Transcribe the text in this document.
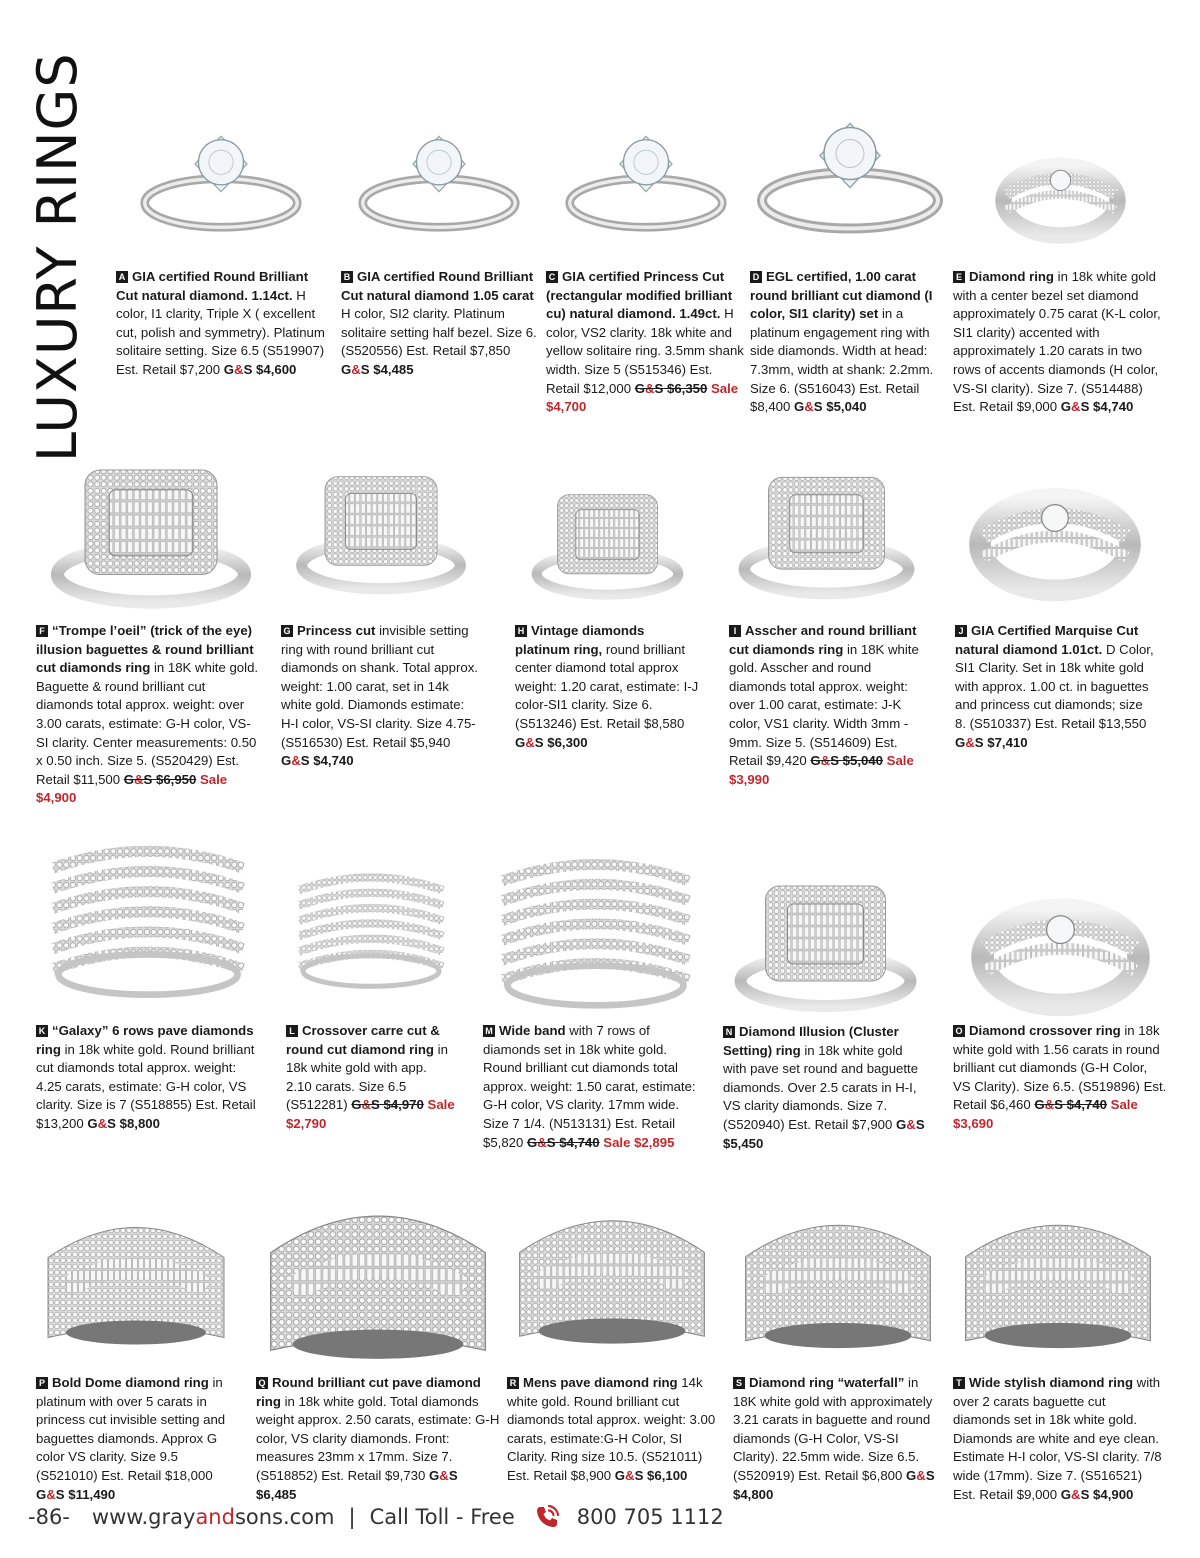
LUXURY RINGS	A GIA certified Round Brilliant Cut natural diamond. 1.14ct. H color, I1 clarity, Triple X ( excellent cut, polish and symmetry). Platinum solitaire setting. Size 6.5 (S519907) Est. Retail $7,200 G&S $4,600
B GIA certified Round Brilliant Cut natural diamond 1.05 carat H color, SI2 clarity. Platinum solitaire setting half bezel. Size 6. (S520556) Est. Retail $7,850 G&S $4,485
C GIA certified Princess Cut (rectangular modified brilliant cu) natural diamond. 1.49ct. H color, VS2 clarity. 18k white and yellow solitaire ring. 3.5mm shank width. Size 5 (S515346) Est. Retail $12,000 G&S $6,350 Sale $4,700
D EGL certified, 1.00 carat round brilliant cut diamond (I color, SI1 clarity) set in a platinum engagement ring with side diamonds. Width at head: 7.3mm, width at shank: 2.2mm. Size 6. (S516043) Est. Retail $8,400 G&S $5,040
E Diamond ring in 18k white gold with a center bezel set diamond approximately 0.75 carat (K-L color, SI1 clarity) accented with approximately 1.20 carats in two rows of accents diamonds (H color, VS-SI clarity). Size 7. (S514488) Est. Retail $9,000 G&S $4,740
F “Trompe l’oeil” (trick of the eye) illusion baguettes & round brilliant cut diamonds ring in 18K white gold. Baguette & round brilliant cut diamonds total approx. weight: over 3.00 carats, estimate: G-H color, VS- SI clarity. Center measurements: 0.50 x 0.50 inch. Size 5. (S520429) Est. Retail $11,500 G&S $6,950 Sale $4,900
G Princess cut invisible setting ring with round brilliant cut diamonds on shank. Total approx. weight: 1.00 carat, set in 14k white gold. Diamonds estimate: H-I color, VS-SI clarity. Size 4.75- (S516530) Est. Retail $5,940 G&S $4,740
H Vintage diamonds platinum ring, round brilliant center diamond total approx weight: 1.20 carat, estimate: I-J color-SI1 clarity. Size 6. (S513246) Est. Retail $8,580 G&S $6,300
I Asscher and round brilliant cut diamonds ring in 18K white gold. Asscher and round diamonds total approx. weight: over 1.00 carat, estimate: J-K color, VS1 clarity. Width 3mm - 9mm. Size 5. (S514609) Est. Retail $9,420 G&S $5,040 Sale $3,990
J GIA Certified Marquise Cut natural diamond 1.01ct. D Color, SI1 Clarity. Set in 18k white gold with approx. 1.00 ct. in baguettes and princess cut diamonds; size 8. (S510337) Est. Retail $13,550 G&S $7,410
K “Galaxy” 6 rows pave diamonds ring in 18k white gold. Round brilliant cut diamonds total approx. weight: 4.25 carats, estimate: G-H color, VS clarity. Size is 7 (S518855) Est. Retail $13,200 G&S $8,800
L Crossover carre cut & round cut diamond ring in 18k white gold with app. 2.10 carats. Size 6.5 (S512281) G&S $4,970 Sale $2,790
M Wide band with 7 rows of diamonds set in 18k white gold. Round brilliant cut diamonds total approx. weight: 1.50 carat, estimate: G-H color, VS clarity. 17mm wide. Size 7 1/4. (N513131) Est. Retail $5,820 G&S $4,740 Sale $2,895
N Diamond Illusion (Cluster Setting) ring in 18k white gold with pave set round and baguette diamonds. Over 2.5 carats in H-I, VS clarity diamonds. Size 7. (S520940) Est. Retail $7,900 G&S $5,450
O Diamond crossover ring in 18k white gold with 1.56 carats in round brilliant cut diamonds (G-H Color, VS Clarity). Size 6.5. (S519896) Est. Retail $6,460 G&S $4,740 Sale $3,690
P Bold Dome diamond ring in platinum with over 5 carats in princess cut invisible setting and baguettes diamonds. Approx G color VS clarity. Size 9.5 (S521010) Est. Retail $18,000 G&S $11,490
Q Round brilliant cut pave diamond ring in 18k white gold. Total diamonds weight approx. 2.50 carats, estimate: G-H color, VS clarity diamonds. Front: measures 23mm x 17mm. Size 7. (S518852) Est. Retail $9,730 G&S $6,485
R Mens pave diamond ring 14k white gold. Round brilliant cut diamonds total approx. weight: 3.00 carats, estimate:G-H Color, SI Clarity. Ring size 10.5. (S521011) Est. Retail $8,900 G&S $6,100
S Diamond ring “waterfall” in 18K white gold with approximately 3.21 carats in baguette and round diamonds (G-H Color, VS-SI Clarity). 22.5mm wide. Size 6.5. (S520919) Est. Retail $6,800 G&S $4,800
T Wide stylish diamond ring with over 2 carats baguette cut diamonds set in 18k white gold. Diamonds are white and eye clean. Estimate H-I color, VS-SI clarity. 7/8 wide (17mm). Size 7. (S516521) Est. Retail $9,000 G&S $4,900
-86- www.grayandsons.com | Call Toll - Free	800 705 1112
